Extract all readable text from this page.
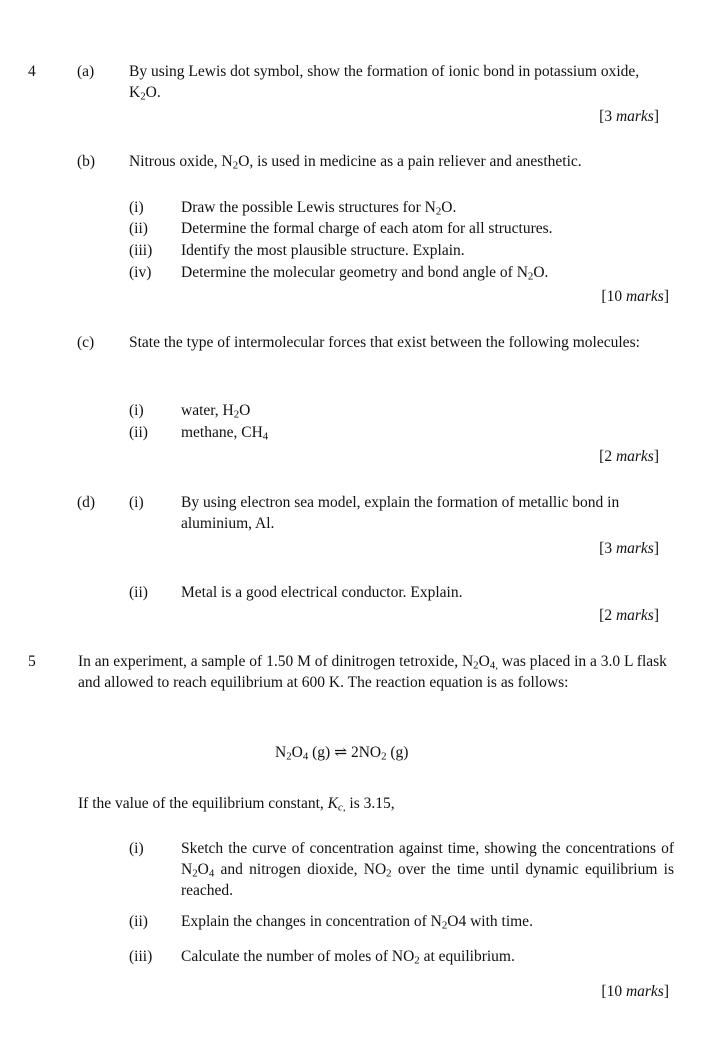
4	(a) By using Lewis dot symbol, show the formation of ionic bond in potassium oxide, $K_2O$.
[3 marks]
(b) Nitrous oxide, $N_2O$, is used in medicine as a pain reliever and anesthetic.
(i) Draw the possible Lewis structures for $N_2O$.
(ii) Determine the formal charge of each atom for all structures.
(iii) Identify the most plausible structure. Explain.
(iv) Determine the molecular geometry and bond angle of $N_2O$.
[10 marks]
(c) State the type of intermolecular forces that exist between the following molecules:
(i) water, $H_2O$
(ii) methane, $CH_4$
[2 marks]
(d) (i) By using electron sea model, explain the formation of metallic bond in aluminium, Al.
[3 marks]
(ii) Metal is a good electrical conductor. Explain.
[2 marks]
5	In an experiment, a sample of 1.50 M of dinitrogen tetroxide, $N_2O_{4,}$ was placed in a 3.0 L flask and allowed to reach equilibrium at 600 K. The reaction equation is as follows:
$N_2O_4$ (g) ⇌ $2NO_2$ (g)
If the value of the equilibrium constant, $K_{c,}$ is 3.15,
(i) Sketch the curve of concentration against time, showing the concentrations of $N_2O_4$ and nitrogen dioxide, $NO_2$ over the time until dynamic equilibrium is reached.
(ii) Explain the changes in concentration of $N_2O4$ with time.
(iii) Calculate the number of moles of $NO_2$ at equilibrium.
[10 marks]
